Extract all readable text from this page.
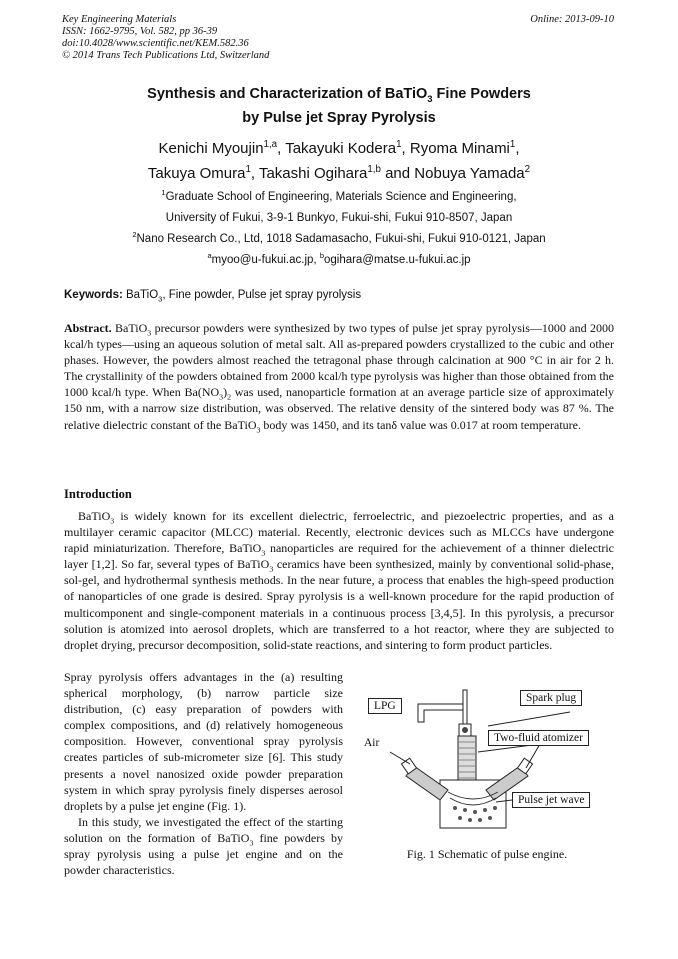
Key Engineering Materials
ISSN: 1662-9795, Vol. 582, pp 36-39
doi:10.4028/www.scientific.net/KEM.582.36
© 2014 Trans Tech Publications Ltd, Switzerland
Online: 2013-09-10
Synthesis and Characterization of BaTiO$_3$ Fine Powders
by Pulse jet Spray Pyrolysis
Kenichi Myoujin$^{1,a}$, Takayuki Kodera$^1$, Ryoma Minami$^1$,
Takuya Omura$^1$, Takashi Ogihara$^{1,b}$ and Nobuya Yamada$^2$
$^1$Graduate School of Engineering, Materials Science and Engineering,
University of Fukui, 3-9-1 Bunkyo, Fukui-shi, Fukui 910-8507, Japan
$^2$Nano Research Co., Ltd, 1018 Sadamasacho, Fukui-shi, Fukui 910-0121, Japan
$^a$myoo@u-fukui.ac.jp, $^b$ogihara@matse.u-fukui.ac.jp
Keywords: BaTiO$_3$, Fine powder, Pulse jet spray pyrolysis
Abstract. BaTiO$_3$ precursor powders were synthesized by two types of pulse jet spray pyrolysis—1000 and 2000 kcal/h types—using an aqueous solution of metal salt. All as-prepared powders crystallized to the cubic and other phases. However, the powders almost reached the tetragonal phase through calcination at 900 °C in air for 2 h. The crystallinity of the powders obtained from 2000 kcal/h type pyrolysis was higher than those obtained from the 1000 kcal/h type. When $Ba(NO_3)_2$ was used, nanoparticle formation at an average particle size of approximately 150 nm, with a narrow size distribution, was observed. The relative density of the sintered body was 87 %. The relative dielectric constant of the BaTiO$_3$ body was 1450, and its tanδ value was 0.017 at room temperature.
Introduction

BaTiO$_3$ is widely known for its excellent dielectric, ferroelectric, and piezoelectric properties, and as a multilayer ceramic capacitor (MLCC) material. Recently, electronic devices such as MLCCs have undergone rapid miniaturization. Therefore, BaTiO$_3$ nanoparticles are required for the achievement of a thinner dielectric layer [1,2]. So far, several types of BaTiO$_3$ ceramics have been synthesized, mainly by conventional solid-phase, sol-gel, and hydrothermal synthesis methods. In the near future, a process that enables the high-speed production of nanoparticles of one grade is desired. Spray pyrolysis is a well-known procedure for the rapid production of multicomponent and single-component materials in a continuous process [3,4,5]. In this pyrolysis, a precursor solution is atomized into aerosol droplets, which are transferred to a hot reactor, where they are subjected to droplet drying, precursor decomposition, solid-state reactions, and sintering to form product particles.

Spray pyrolysis offers advantages in the (a) resulting spherical morphology, (b) narrow particle size distribution, (c) easy preparation of powders with complex compositions, and (d) relatively homogeneous composition. However, conventional spray pyrolysis creates particles of sub-micrometer size [6]. This study presents a novel nanosized oxide powder preparation system in which spray pyrolysis finely disperses aerosol droplets by a pulse jet engine (Fig. 1).

In this study, we investigated the effect of the starting solution on the formation of BaTiO$_3$ fine powders by spray pyrolysis using a pulse jet engine and on the powder characteristics.

LPG
Spark plug
Air	Two-fluid atomizer
Pulse jet wave
Fig. 1 Schematic of pulse engine.
